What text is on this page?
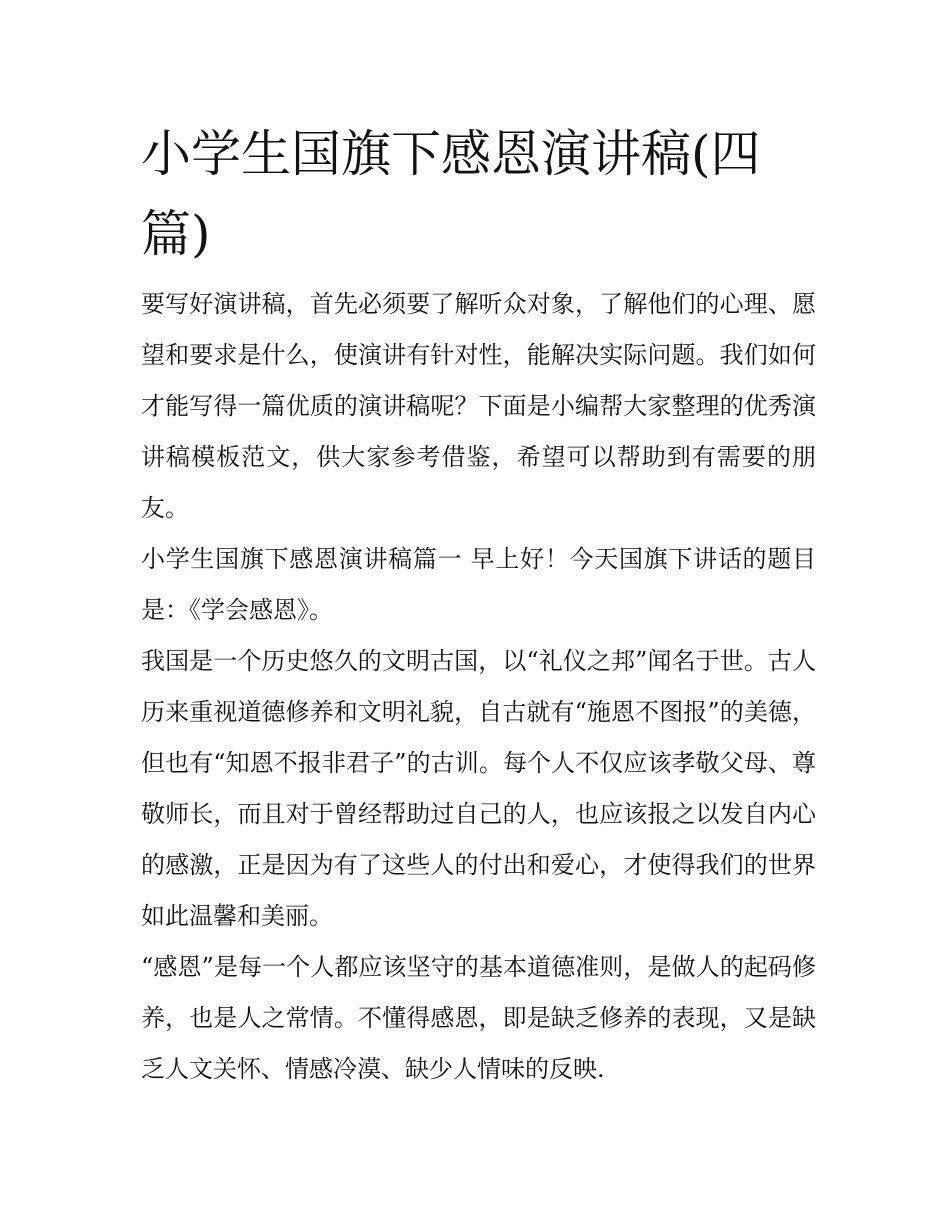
小学生国旗下感恩演讲稿(四篇)

要写好演讲稿，首先必须要了解听众对象，了解他们的心理、愿望和要求是什么，使演讲有针对性，能解决实际问题。我们如何才能写得一篇优质的演讲稿呢？下面是小编帮大家整理的优秀演讲稿模板范文，供大家参考借鉴，希望可以帮助到有需要的朋友。

小学生国旗下感恩演讲稿篇一 早上好！今天国旗下讲话的题目是：《学会感恩》。

我国是一个历史悠久的文明古国，以“礼仪之邦”闻名于世。古人历来重视道德修养和文明礼貌，自古就有“施恩不图报”的美德，但也有“知恩不报非君子”的古训。每个人不仅应该孝敬父母、尊敬师长，而且对于曾经帮助过自己的人，也应该报之以发自内心的感激，正是因为有了这些人的付出和爱心，才使得我们的世界如此温馨和美丽。

“感恩”是每一个人都应该坚守的基本道德准则，是做人的起码修养，也是人之常情。不懂得感恩，即是缺乏修养的表现，又是缺乏人文关怀、情感冷漠、缺少人情味的反映.
